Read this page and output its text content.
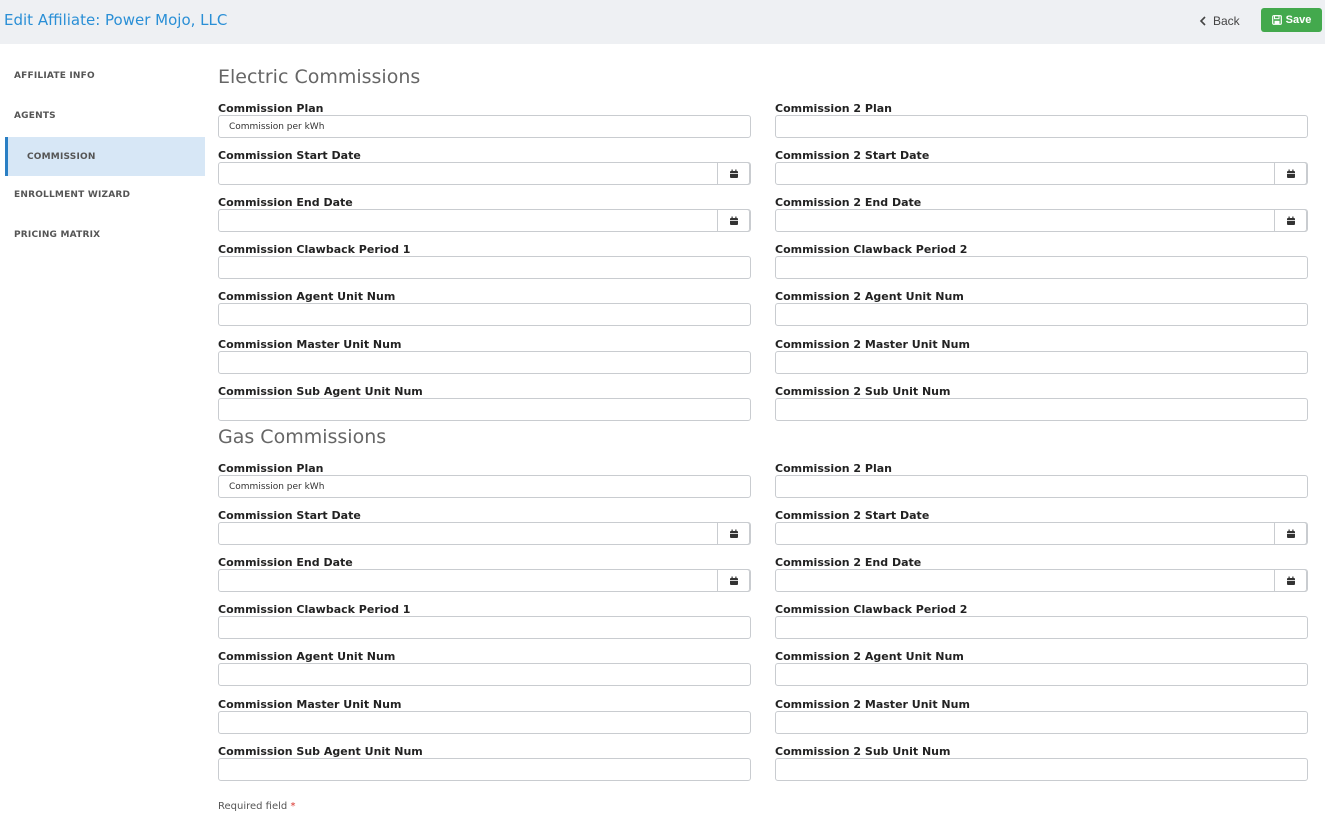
Edit Affiliate: Power Mojo, LLC	Back	Save
AFFILIATE INFO
AGENTS
COMMISSION
ENROLLMENT WIZARD
PRICING MATRIX
Electric Commissions
Commission Plan
Commission per kWh
Commission Start Date
Commission End Date
Commission Clawback Period 1
Commission Agent Unit Num
Commission Master Unit Num
Commission Sub Agent Unit Num
Commission 2 Plan
Commission 2 Start Date
Commission 2 End Date
Commission Clawback Period 2
Commission 2 Agent Unit Num
Commission 2 Master Unit Num
Commission 2 Sub Unit Num
Gas Commissions
Commission Plan
Commission per kWh
Commission Start Date
Commission End Date
Commission Clawback Period 1
Commission Agent Unit Num
Commission Master Unit Num
Commission Sub Agent Unit Num
Commission 2 Plan
Commission 2 Start Date
Commission 2 End Date
Commission Clawback Period 2
Commission 2 Agent Unit Num
Commission 2 Master Unit Num
Commission 2 Sub Unit Num
Required field *
